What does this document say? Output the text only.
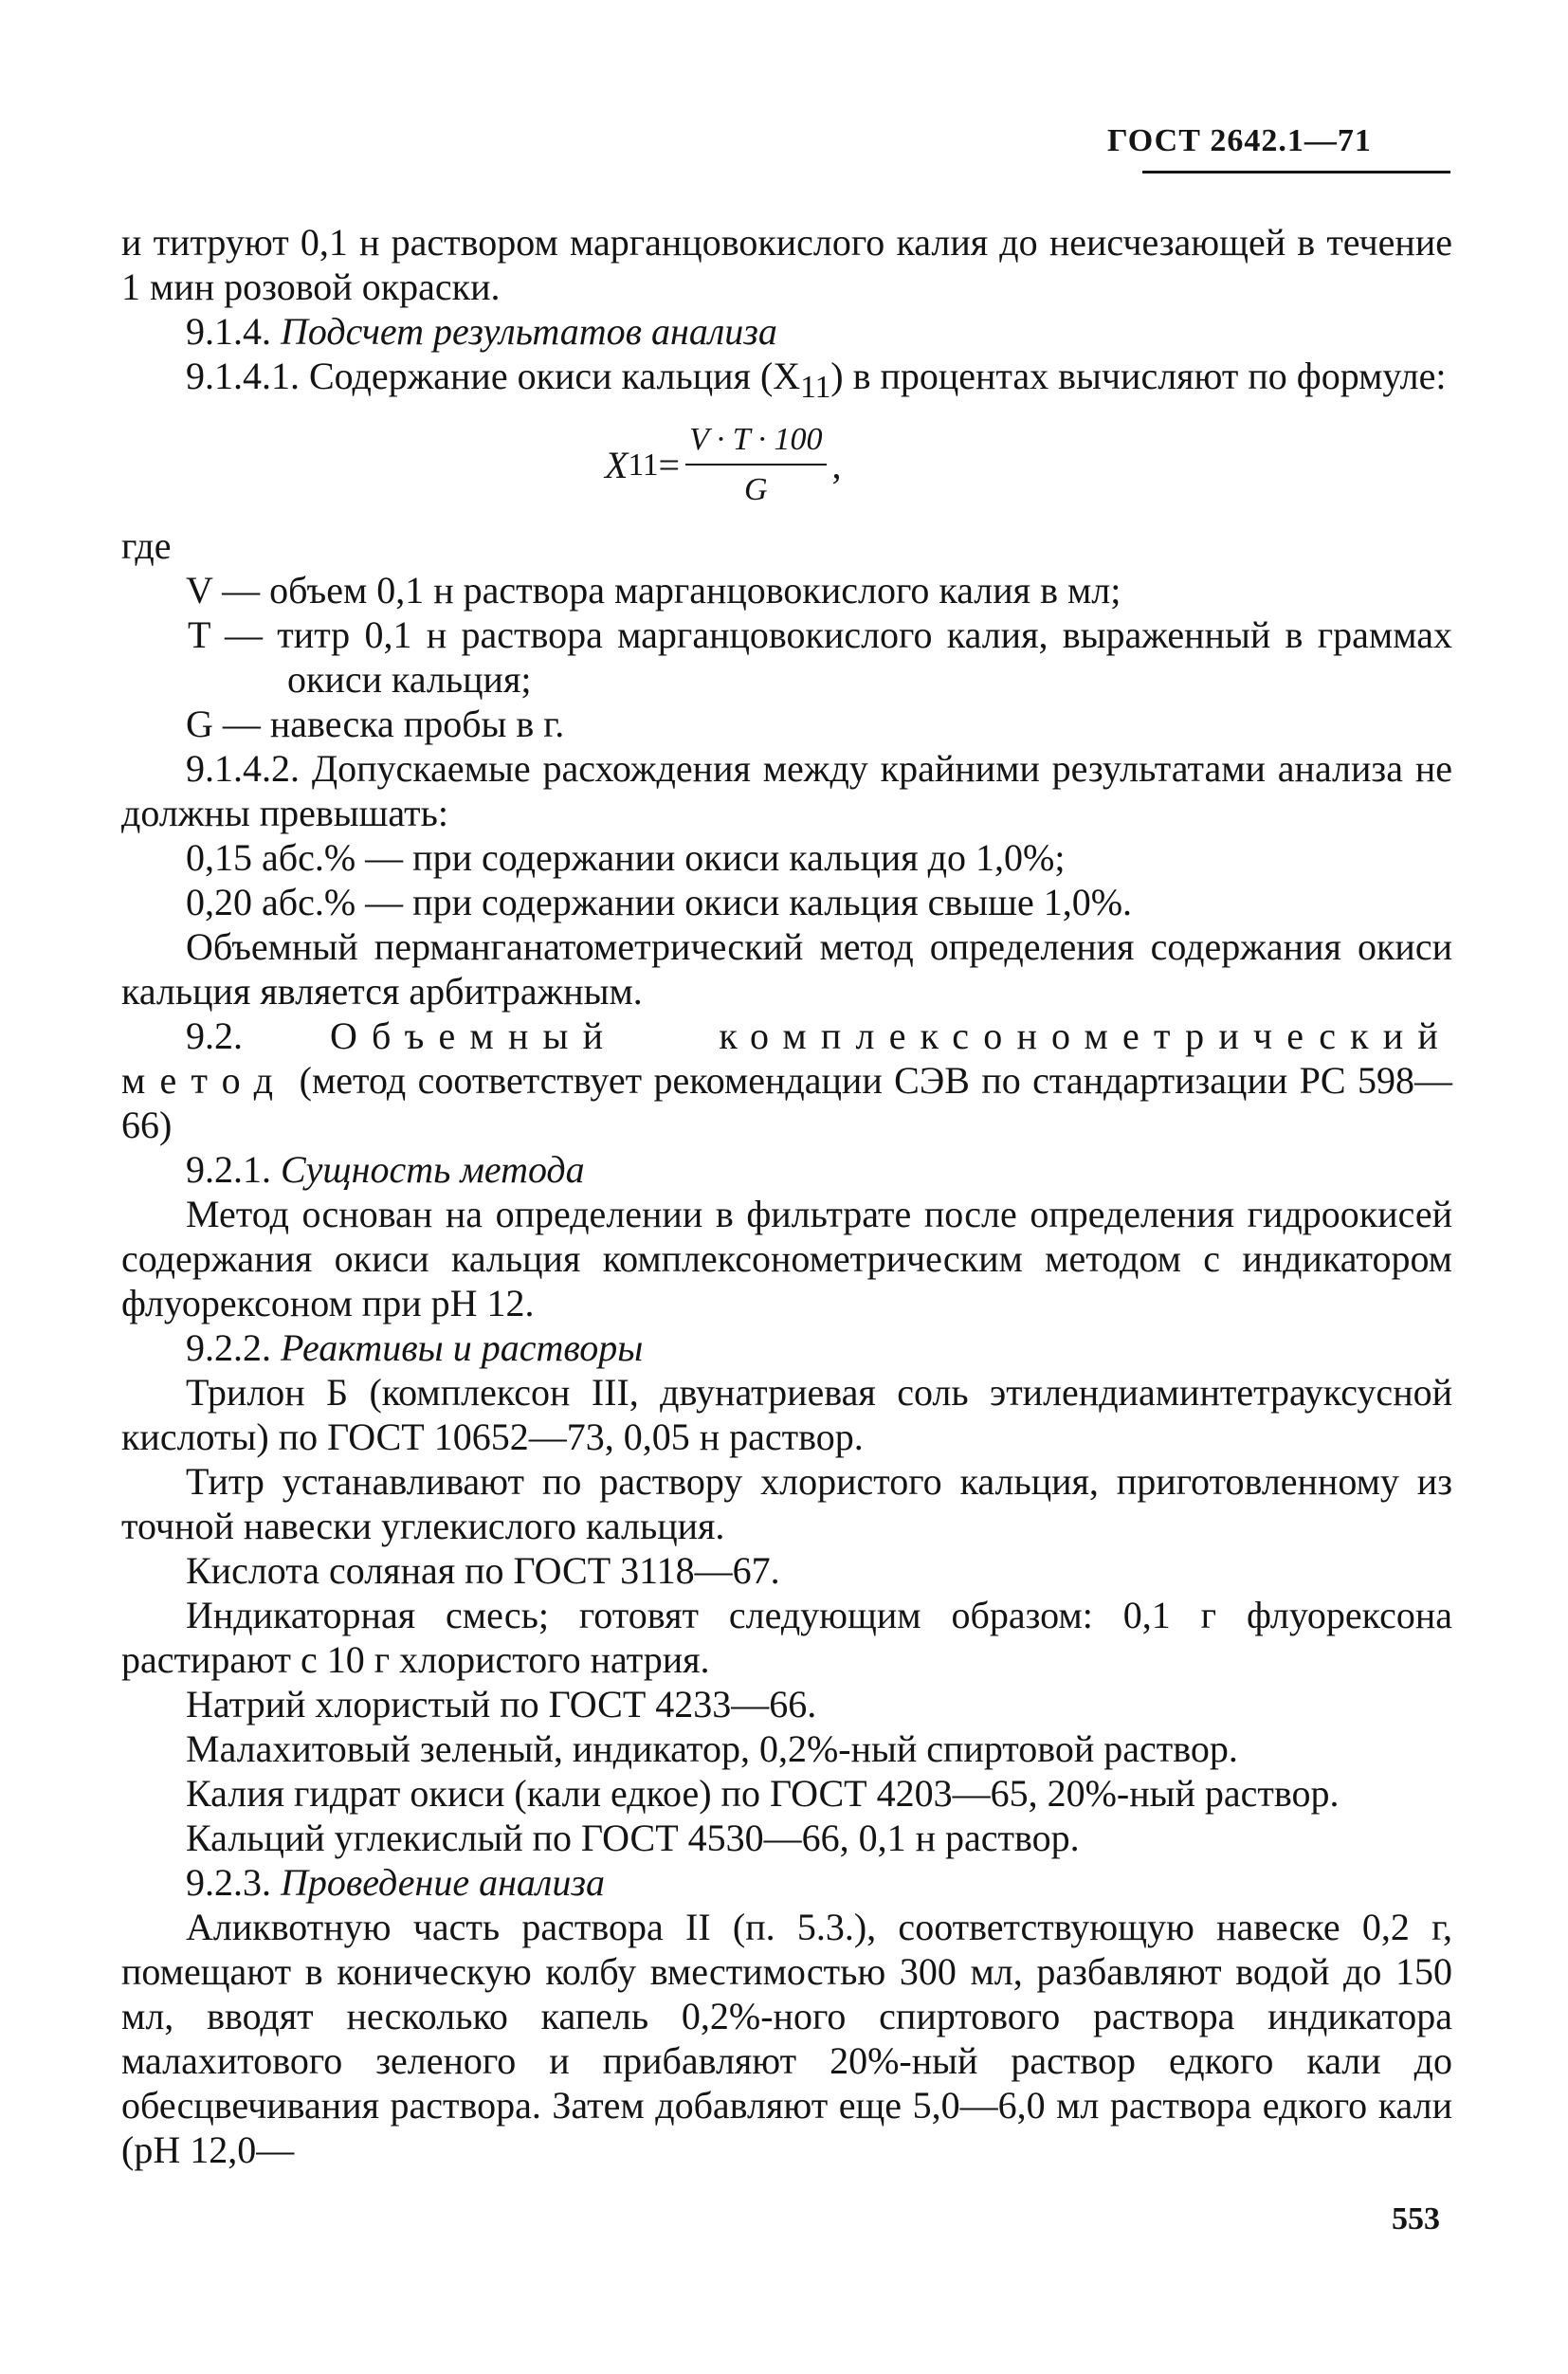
ГОСТ 2642.1—71

и титруют 0,1 н раствором марганцовокислого калия до неисчезающей в течение 1 мин розовой окраски.

9.1.4. Подсчет результатов анализа

9.1.4.1. Содержание окиси кальция $(X_{11})$ в процентах вычисляют по формуле:

X $11 = \frac{V \cdot T \cdot 100}{G}$ ,

где

V — объем 0,1 н раствора марганцовокислого калия в мл;

T — титр 0,1 н раствора марганцовокислого калия, выраженный в граммах окиси кальция;

G — навеска пробы в г.

9.1.4.2. Допускаемые расхождения между крайними результатами анализа не должны превышать:

0,15 абс.% — при содержании окиси кальция до 1,0%;

0,20 абс.% — при содержании окиси кальция свыше 1,0%.

Объемный перманганатометрический метод определения содержания окиси кальция является арбитражным.

9.2. Объемный комплексонометрический метод (метод соответствует рекомендации СЭВ по стандартизации PC 598—66)

9.2.1. Сущность метода

Метод основан на определении в фильтрате после определения гидроокисей содержания окиси кальция комплексонометрическим методом с индикатором флуорексоном при pH 12.

9.2.2. Реактивы и растворы

Трилон Б (комплексон III, двунатриевая соль этилендиаминтетрауксусной кислоты) по ГОСТ 10652—73, 0,05 н раствор.

Титр устанавливают по раствору хлористого кальция, приготовленному из точной навески углекислого кальция.

Кислота соляная по ГОСТ 3118—67.

Индикаторная смесь; готовят следующим образом: 0,1 г флуорексона растирают с 10 г хлористого натрия.

Натрий хлористый по ГОСТ 4233—66.

Малахитовый зеленый, индикатор, 0,2%-ный спиртовой раствор.

Калия гидрат окиси (кали едкое) по ГОСТ 4203—65, 20%-ный раствор.

Кальций углекислый по ГОСТ 4530—66, 0,1 н раствор.

9.2.3. Проведение анализа

Аликвотную часть раствора II (п. 5.3.), соответствующую навеске 0,2 г, помещают в коническую колбу вместимостью 300 мл, разбавляют водой до 150 мл, вводят несколько капель 0,2%-ного спиртового раствора индикатора малахитового зеленого и прибавляют 20%-ный раствор едкого кали до обесцвечивания раствора. Затем добавляют еще 5,0—6,0 мл раствора едкого кали (pH 12,0—

553
